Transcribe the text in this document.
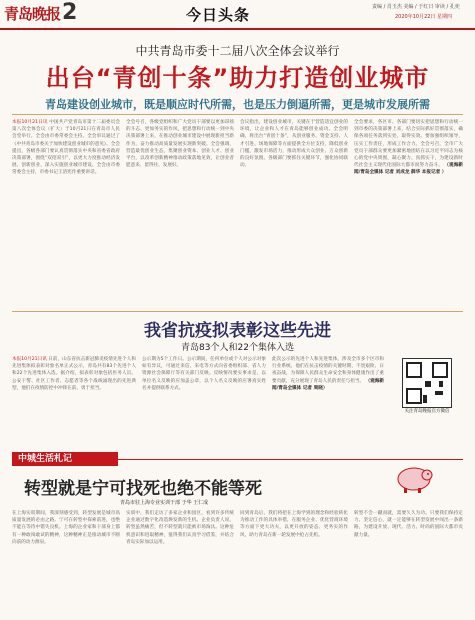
青岛晚报 2	今日头条	责编 / 肖玉杰 美编 / 于红日 审读 / 孔奕
2020年10月22日 星期四
中共青岛市委十二届八次全体会议举行
出台“青创十条”助力打造创业城市
青岛建设创业城市，既是顺应时代所需，也是压力倒逼所需，更是城市发展所需
本报10月21日讯 中国共产党青岛市第十二届委员会第八次全体会议（扩大）于10月21日在青岛市人民会堂举行。全会由市委常委会主持。全会审议通过了《中共青岛市委关于加快建设创业城市的意见》。全会提出，各级各部门要认真贯彻落实中央和省委省政府决策部署，围绕“双招双引”，以更大力度推动经济发展、创新创业，深入实施创业城市建设。全会由市委常委会主持，市委书记王清宪作重要讲话。
全会号召，各级党组织和广大党员干部要以更加昂扬的斗志、更加务实的作风，把思想和行动统一到中央决策部署上来，在推动创业城市建设中展现新担当新作为，奋力推动高质量发展实现新突破。全会强调，营造最优创业生态，集聚创业资本、创业人才、创业平台，以改革创新精神推动政策落地见效，让创业者愿意来、留得住、发展好。
会议指出，建设创业城市，关键在于营造适宜创业的环境，让企业和人才在青岛能够创业成功。全会明确，将出台“青创十条”，从创业服务、资金支持、人才引进、场地保障等方面提供全方位支持，降低创业门槛，激发市场活力，推动形成大众创业、万众创新的良好氛围。各级部门要抓住关键环节，强化协同联动。
全会要求，各区市、各部门要切实把思想和行动统一到市委的决策部署上来，结合实际抓好贯彻落实，确保各项任务落到实处、取得实效。要加强组织领导，压实工作责任，形成工作合力。全会号召，全市广大党员干部群众要更加紧密地团结在以习近平同志为核心的党中央周围，凝心聚力、真抓实干，为建设新时代社会主义现代化国际大都市而努力奋斗。 （观海新闻/青岛全媒体 记者 刘成龙 薛华 本报记者 ）
我省抗疫拟表彰这些先进
青岛83个人和22个集体入选
本报10月21日讯 日前，山东省抗击新冠肺炎疫情先进个人和先进集体拟表彰对象名单正式公示，青岛共有83个先进个人和22个先进集体入选。据介绍，拟表彰对象包括医务人员、公安干警、社区工作者、志愿者等各个战线涌现出的先进典型，他们在疫情防控中冲锋在前、勇于担当。
公示期为5个工作日。公示期间，任何单位或个人对公示对象如有异议，可通过来信、来电等方式向省委组织部、省人力资源社会保障厅等有关部门反映。反映情况要实事求是，以单位名义反映的应加盖公章，以个人名义反映的应署真实姓名并提供联系方式。
此次公示的先进个人和先进集体，涉及全市多个区市和行业系统。他们在抗击疫情的关键时期，不畏艰险、日夜奋战，为保障人民群众生命安全和身体健康作出了重要贡献，充分展现了青岛人民的责任与担当。 （观海新闻/青岛全媒体 记者 周晓）
关注青岛晚报官方微信
中城生活札记
转型就是宁可找死也绝不能等死
青岛市驻上海专业实训干部 于华 王仁成
在上海实训期间，我深刻感受到，转型发展是城市高质量发展的必由之路。宁可在转型中探索前进，也绝不能在等待中错失良机。上海的企业家和干部身上都有一种敢闯敢试的精神，这种精神正是推动城市不断向前的动力源泉。
实训中，我们走访了多家企业和园区，看到许多传统企业通过数字化改造焕发新的生机。企业负责人说，转型虽然痛苦，但不转型就只能被市场淘汰。这种危机意识和进取精神，值得我们认真学习借鉴，并结合青岛实际加以运用。
回到青岛后，我们将把在上海学到的理念和经验转化为推动工作的具体举措，在服务企业、优化营商环境等方面下更大功夫，以更开放的姿态、更务实的作风，助力青岛在新一轮发展中抢占先机。
转型不会一蹴而就，需要久久为功。只要我们保持定力、坚定信心，就一定能够在转型发展中闯出一条新路，为建设开放、现代、活力、时尚的国际大都市贡献力量。
